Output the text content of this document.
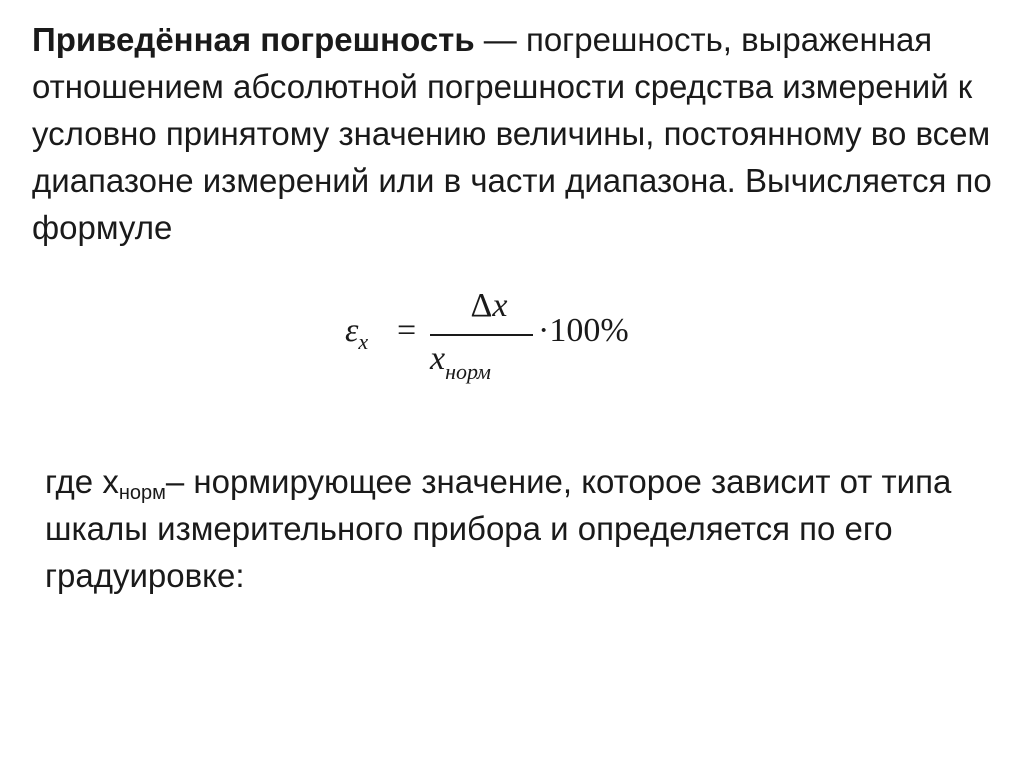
Приведённая погрешность — погрешность, выраженная отношением абсолютной погрешности средства измерений к условно принятому значению величины, постоянному во всем диапазоне измерений или в части диапазона. Вычисляется по формуле

$\varepsilon_x$ =
Δx
$x_{норм}$
·100%

где $x_{норм}-$ нормирующее значение, которое зависит от типа шкалы измерительного прибора и определяется по его градуировке:
